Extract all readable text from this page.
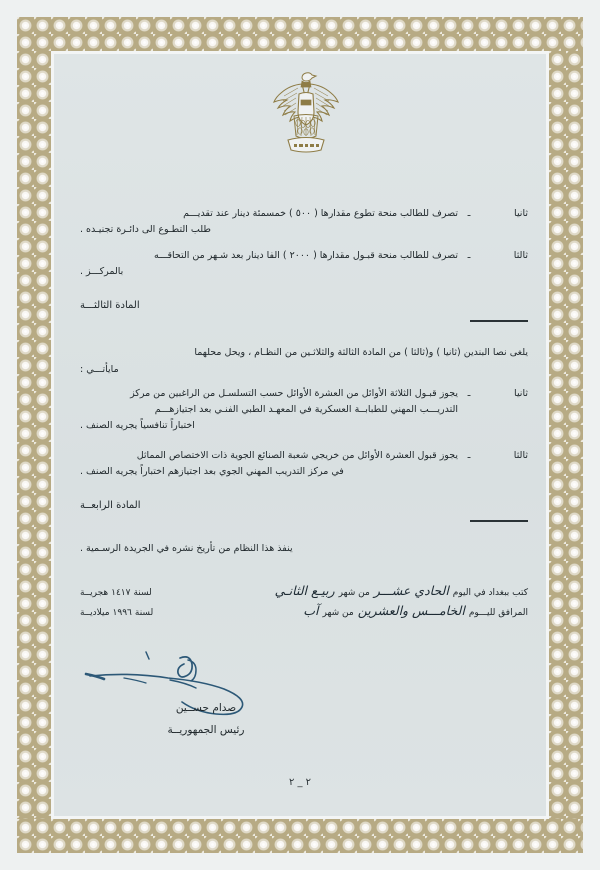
ثانيا
ـ
تصرف للطالب منحة تطوع مقدارها ( ٥٠٠ ) خمسمئة دينار عند تقديـــم
طلب التطـوع الى دائـرة تجنيـده .
ثالثا
ـ
تصرف للطالب منحة قبـول مقدارها ( ٢٠٠٠ ) الفا دينار بعد شـهر من التحاقـــه
بالمركـــز .
المادة الثالثـــة
يلغى نصا البندين (ثانيا ) و(ثالثا ) من المادة الثالثة والثلاثـين من النظـام ، ويحل محلهما
مايأتـــي :
ثانيا
ـ
يجوز قبـول الثلاثة الأوائل من العشرة الأوائل حسب التسلسـل من الراغبين من مركز
التدريـــب المهني للطبابــة العسكرية في المعهـد الطبي الفنـي بعد اجتيازهـــم
اختباراً تنافسياً يجريه الصنف .
ثالثا
ـ
يجوز قبول العشرة الأوائل من خريجي شعبة الصنائع الجوية ذات الاختصاص المماثل
في مركز التدريب المهني الجوي بعد اجتيازهم اختباراً يجريه الصنف .
المادة الرابعــة
ينفذ هذا النظام من تأريخ نشره في الجريدة الرسـمية .
كتب ببغداد في اليوم
الحادي عشـــر
من شهر
ربيـع الثانـي
لسنة
١٤١٧
هجريــة
المرافق لليـــوم
الخامـــس والعشرين
من شهر
آب
لسنة
١٩٩٦
ميلاديــة
صدام حســين
رئيس الجمهوريــة
٢ _ ٢
